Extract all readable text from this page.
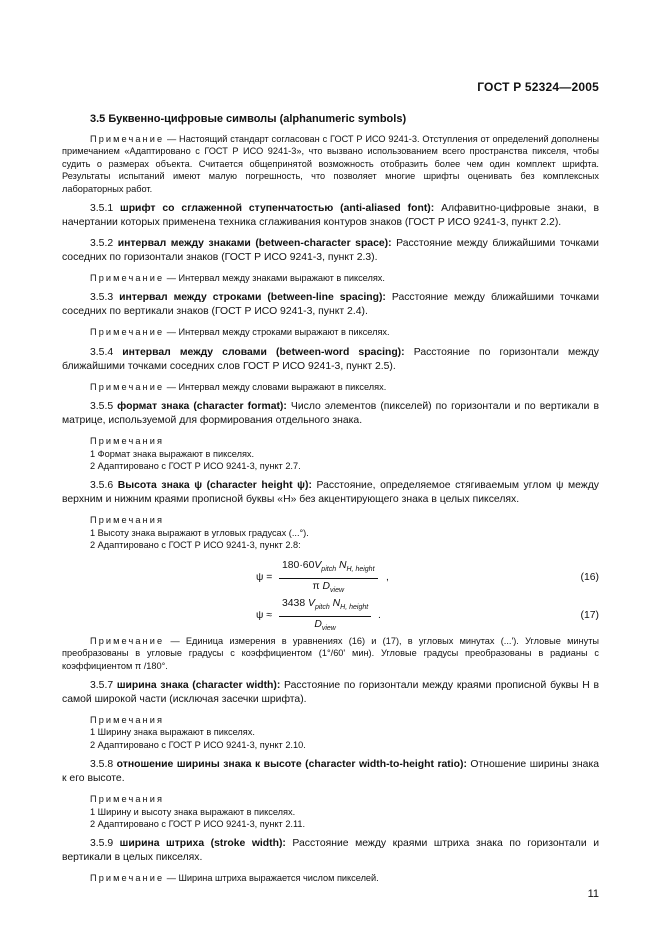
ГОСТ Р 52324—2005
3.5 Буквенно-цифровые символы (alphanumeric symbols)

Примечание — Настоящий стандарт согласован с ГОСТ Р ИСО 9241-3. Отступления от определений дополнены примечанием «Адаптировано с ГОСТ Р ИСО 9241-3», что вызвано использованием всего пространства пикселя, чтобы судить о размерах объекта. Считается общепринятой возможность отобразить более чем один комплект шрифта. Результаты испытаний имеют малую погрешность, что позволяет многие шрифты оценивать без комплексных лабораторных работ.

3.5.1 шрифт со сглаженной ступенчатостью (anti-aliased font): Алфавитно-цифровые знаки, в начертании которых применена техника сглаживания контуров знаков (ГОСТ Р ИСО 9241-3, пункт 2.2).

3.5.2 интервал между знаками (between-character space): Расстояние между ближайшими точками соседних по горизонтали знаков (ГОСТ Р ИСО 9241-3, пункт 2.3).

Примечание — Интервал между знаками выражают в пикселях.

3.5.3 интервал между строками (between-line spacing): Расстояние между ближайшими точками соседних по вертикали знаков (ГОСТ Р ИСО 9241-3, пункт 2.4).

Примечание — Интервал между строками выражают в пикселях.

3.5.4 интервал между словами (between-word spacing): Расстояние по горизонтали между ближайшими точками соседних слов ГОСТ Р ИСО 9241-3, пункт 2.5).

Примечание — Интервал между словами выражают в пикселях.

3.5.5 формат знака (character format): Число элементов (пикселей) по горизонтали и по вертикали в матрице, используемой для формирования отдельного знака.

Примечания
1 Формат знака выражают в пикселях.
2 Адаптировано с ГОСТ Р ИСО 9241-3, пункт 2.7.

3.5.6 Высота знака ψ (character height ψ): Расстояние, определяемое стягиваемым углом ψ между верхним и нижним краями прописной буквы «Н» без акцентирующего знака в целых пикселях.

Примечания
1 Высоту знака выражают в угловых градусах (...°).
2 Адаптировано с ГОСТ Р ИСО 9241-3, пункт 2.8:
ψ =
$180\cdot 60V_{pitch}$ $N_{H, height}$
π $D_{view}$
,	(16)
ψ ≈
3438 $V_{pitch}$ $N_{H, height}$
$D_{view}$
.	(17)

Примечание — Единица измерения в уравнениях (16) и (17), в угловых минутах (...'). Угловые минуты преобразованы в угловые градусы с коэффициентом (1°/60' мин). Угловые градусы преобразованы в радианы с коэффициентом π /180°.

3.5.7 ширина знака (character width): Расстояние по горизонтали между краями прописной буквы Н в самой широкой части (исключая засечки шрифта).

Примечания
1 Ширину знака выражают в пикселях.
2 Адаптировано с ГОСТ Р ИСО 9241-3, пункт 2.10.

3.5.8 отношение ширины знака к высоте (character width-to-height ratio): Отношение ширины знака к его высоте.

Примечания
1 Ширину и высоту знака выражают в пикселях.
2 Адаптировано с ГОСТ Р ИСО 9241-3, пункт 2.11.

3.5.9 ширина штриха (stroke width): Расстояние между краями штриха знака по горизонтали и вертикали в целых пикселях.

Примечание — Ширина штриха выражается числом пикселей.

11
